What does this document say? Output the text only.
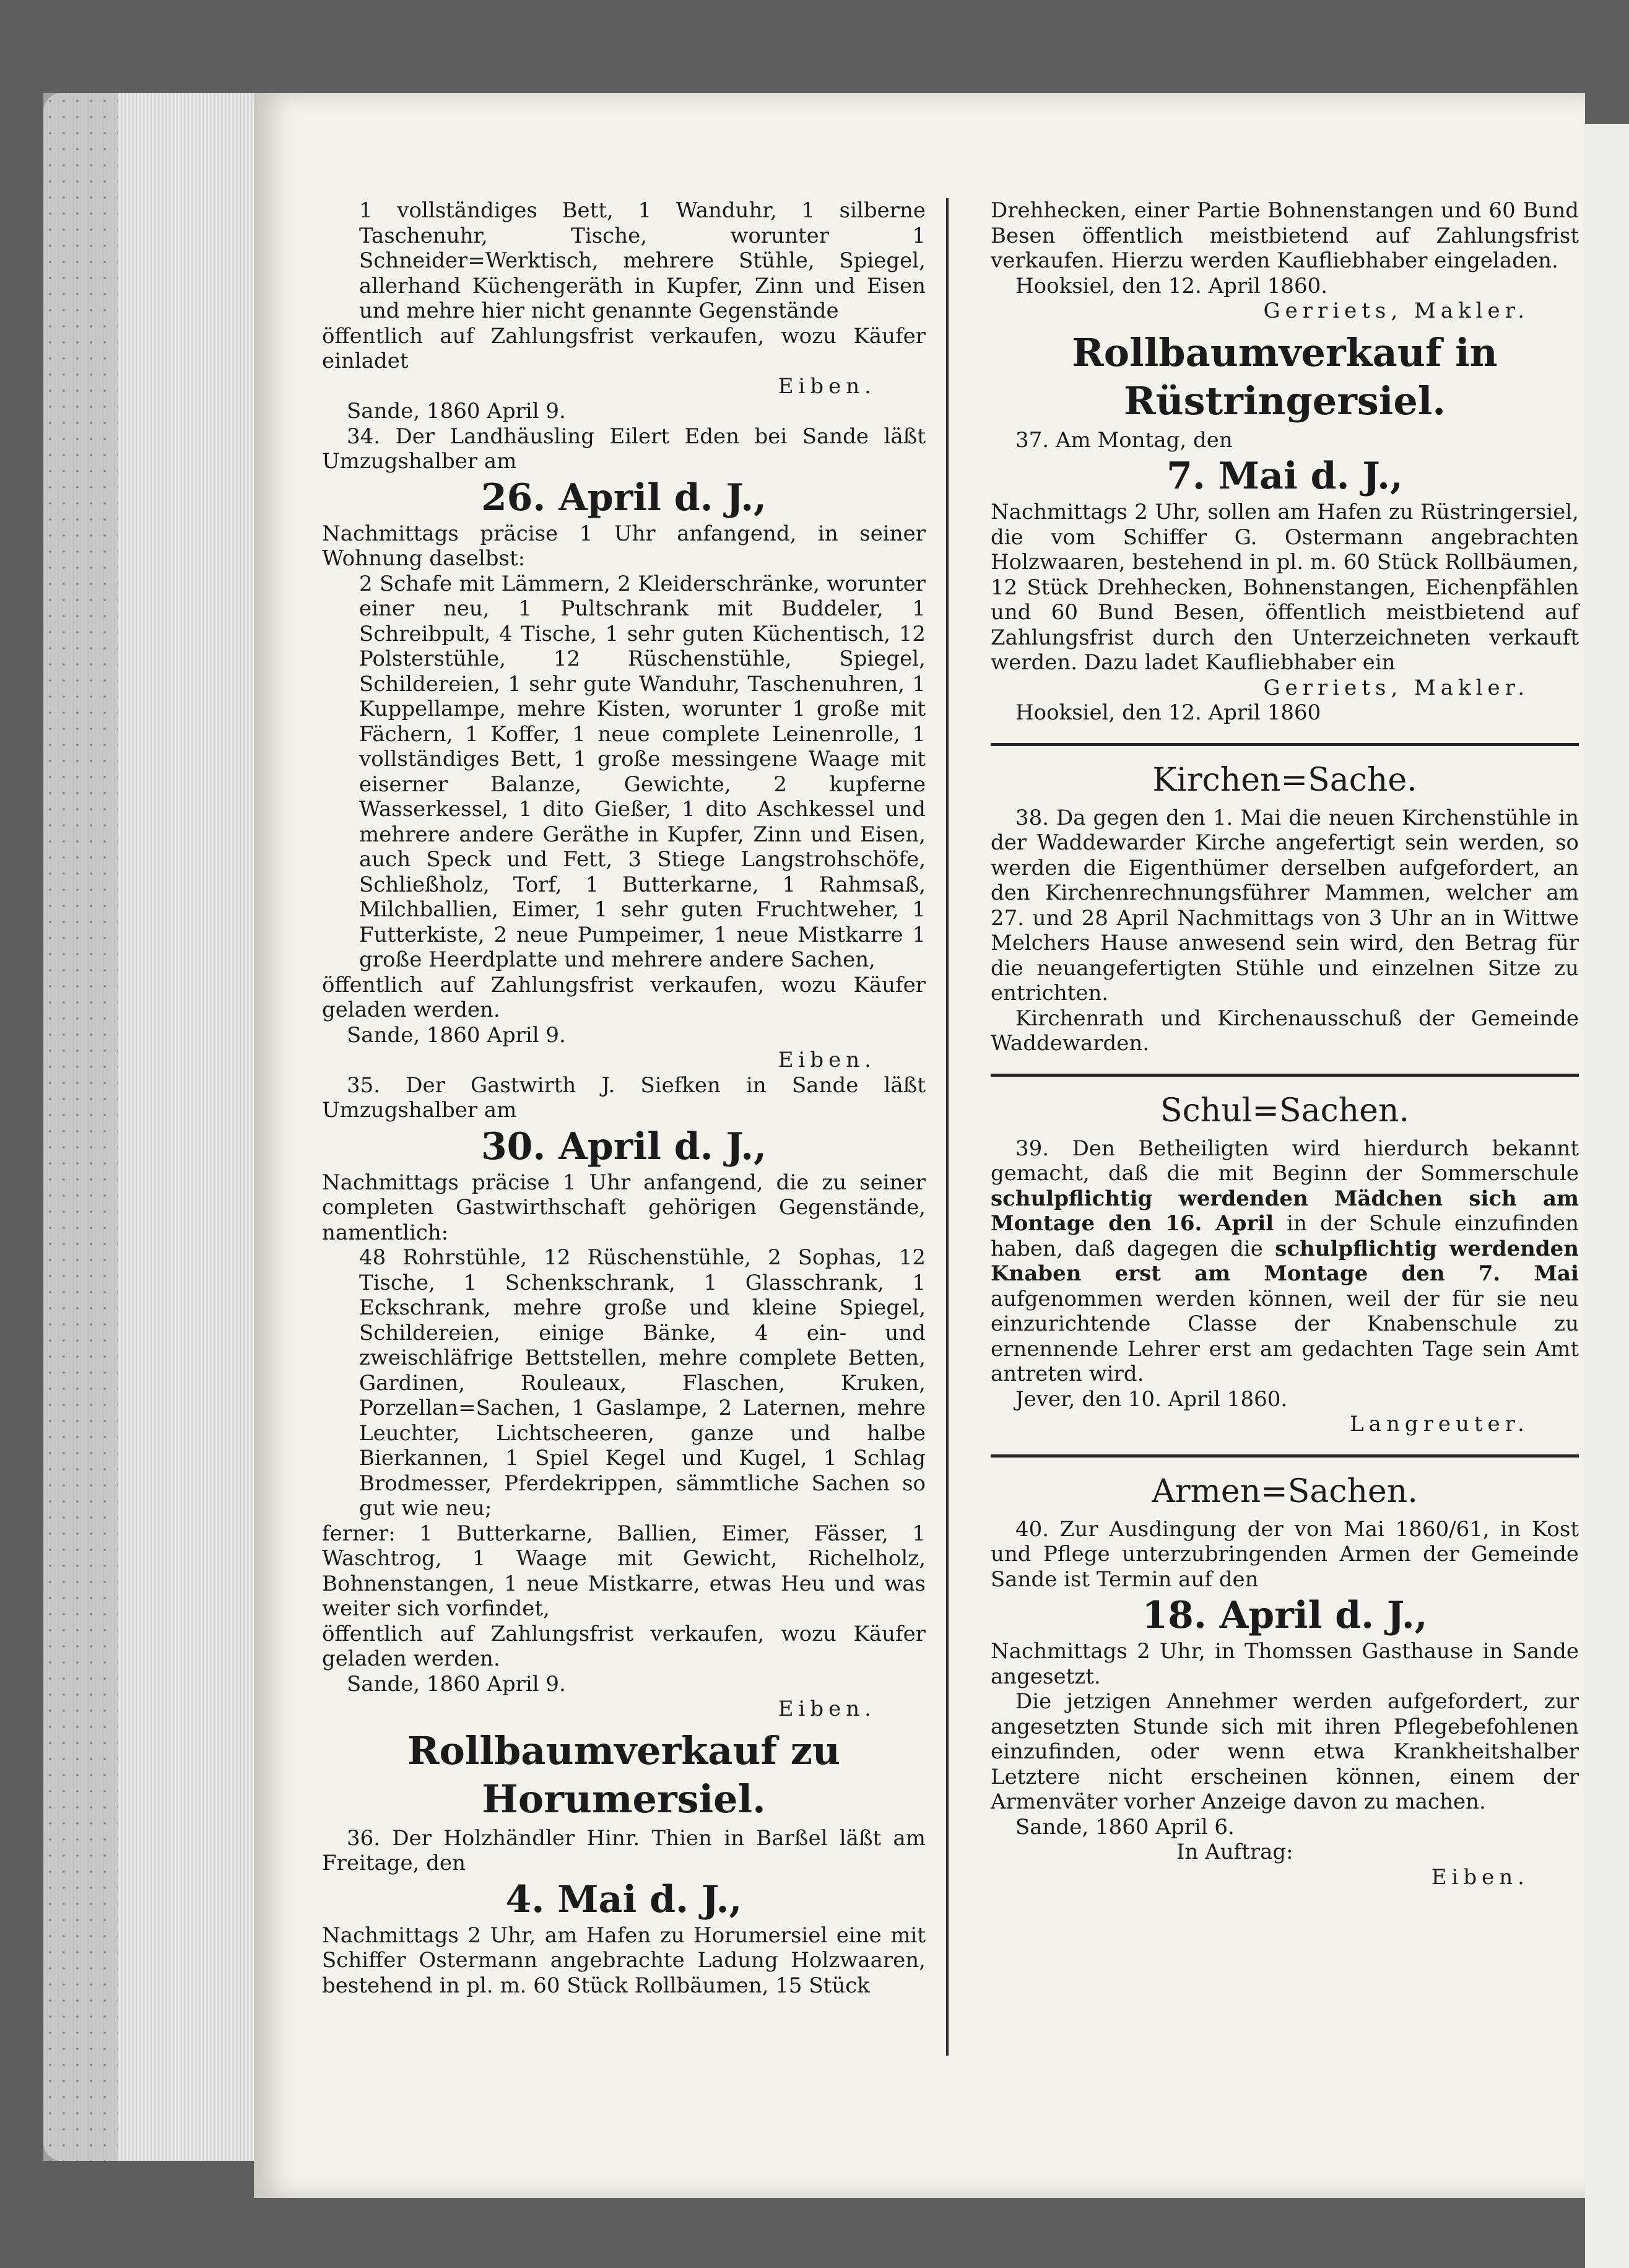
1 vollständiges Bett, 1 Wanduhr, 1 silberne Taschenuhr, Tische, worunter 1 Schneider=Werktisch, mehrere Stühle, Spiegel, allerhand Küchengeräth in Kupfer, Zinn und Eisen und mehre hier nicht genannte Gegenstände

öffentlich auf Zahlungsfrist verkaufen, wozu Käufer einladet

Eiben.

Sande, 1860 April 9.

34. Der Landhäusling Eilert Eden bei Sande läßt Umzugshalber am

26. April d. J.,

Nachmittags präcise 1 Uhr anfangend, in seiner Wohnung daselbst:

2 Schafe mit Lämmern, 2 Kleiderschränke, worunter einer neu, 1 Pultschrank mit Buddeler, 1 Schreibpult, 4 Tische, 1 sehr guten Küchentisch, 12 Polsterstühle, 12 Rüschenstühle, Spiegel, Schildereien, 1 sehr gute Wanduhr, Taschenuhren, 1 Kuppellampe, mehre Kisten, worunter 1 große mit Fächern, 1 Koffer, 1 neue complete Leinenrolle, 1 vollständiges Bett, 1 große messingene Waage mit eiserner Balanze, Gewichte, 2 kupferne Wasserkessel, 1 dito Gießer, 1 dito Aschkessel und mehrere andere Geräthe in Kupfer, Zinn und Eisen, auch Speck und Fett, 3 Stiege Langstrohschöfe, Schließholz, Torf, 1 Butterkarne, 1 Rahmsaß, Milchballien, Eimer, 1 sehr guten Fruchtweher, 1 Futterkiste, 2 neue Pumpeimer, 1 neue Mistkarre 1 große Heerdplatte und mehrere andere Sachen,

öffentlich auf Zahlungsfrist verkaufen, wozu Käufer geladen werden.

Sande, 1860 April 9.

Eiben.

35. Der Gastwirth J. Siefken in Sande läßt Umzugshalber am

30. April d. J.,

Nachmittags präcise 1 Uhr anfangend, die zu seiner completen Gastwirthschaft gehörigen Gegenstände, namentlich:

48 Rohrstühle, 12 Rüschenstühle, 2 Sophas, 12 Tische, 1 Schenkschrank, 1 Glasschrank, 1 Eckschrank, mehre große und kleine Spiegel, Schildereien, einige Bänke, 4 ein- und zweischläfrige Bettstellen, mehre complete Betten, Gardinen, Rouleaux, Flaschen, Kruken, Porzellan=Sachen, 1 Gaslampe, 2 Laternen, mehre Leuchter, Lichtscheeren, ganze und halbe Bierkannen, 1 Spiel Kegel und Kugel, 1 Schlag Brodmesser, Pferdekrippen, sämmtliche Sachen so gut wie neu;

ferner: 1 Butterkarne, Ballien, Eimer, Fässer, 1 Waschtrog, 1 Waage mit Gewicht, Richelholz, Bohnenstangen, 1 neue Mistkarre, etwas Heu und was weiter sich vorfindet,

öffentlich auf Zahlungsfrist verkaufen, wozu Käufer geladen werden.

Sande, 1860 April 9.

Eiben.

Rollbaumverkauf zu Horumersiel.

36. Der Holzhändler Hinr. Thien in Barßel läßt am Freitage, den

4. Mai d. J.,

Nachmittags 2 Uhr, am Hafen zu Horumersiel eine mit Schiffer Ostermann angebrachte Ladung Holzwaaren, bestehend in pl. m. 60 Stück Rollbäumen, 15 Stück

Drehhecken, einer Partie Bohnenstangen und 60 Bund Besen öffentlich meistbietend auf Zahlungsfrist verkaufen. Hierzu werden Kaufliebhaber eingeladen.

Hooksiel, den 12. April 1860.

Gerriets, Makler.

Rollbaumverkauf in

Rüstringersiel.

37. Am Montag, den

7. Mai d. J.,

Nachmittags 2 Uhr, sollen am Hafen zu Rüstringersiel, die vom Schiffer G. Ostermann angebrachten Holzwaaren, bestehend in pl. m. 60 Stück Rollbäumen, 12 Stück Drehhecken, Bohnenstangen, Eichenpfählen und 60 Bund Besen, öffentlich meistbietend auf Zahlungsfrist durch den Unterzeichneten verkauft werden. Dazu ladet Kaufliebhaber ein

Gerriets, Makler.

Hooksiel, den 12. April 1860

Kirchen=Sache.

38. Da gegen den 1. Mai die neuen Kirchenstühle in der Waddewarder Kirche angefertigt sein werden, so werden die Eigenthümer derselben aufgefordert, an den Kirchenrechnungsführer Mammen, welcher am 27. und 28 April Nachmittags von 3 Uhr an in Wittwe Melchers Hause anwesend sein wird, den Betrag für die neuangefertigten Stühle und einzelnen Sitze zu entrichten.

Kirchenrath und Kirchenausschuß der Gemeinde Waddewarden.

Schul=Sachen.

39. Den Betheiligten wird hierdurch bekannt gemacht, daß die mit Beginn der Sommerschule schulpflichtig werdenden Mädchen sich am Montage den 16. April in der Schule einzufinden haben, daß dagegen die schulpflichtig werdenden Knaben erst am Montage den 7. Mai aufgenommen werden können, weil der für sie neu einzurichtende Classe der Knabenschule zu ernennende Lehrer erst am gedachten Tage sein Amt antreten wird.

Jever, den 10. April 1860.

Langreuter.

Armen=Sachen.

40. Zur Ausdingung der von Mai 1860/61, in Kost und Pflege unterzubringenden Armen der Gemeinde Sande ist Termin auf den

18. April d. J.,

Nachmittags 2 Uhr, in Thomssen Gasthause in Sande angesetzt.

Die jetzigen Annehmer werden aufgefordert, zur angesetzten Stunde sich mit ihren Pflegebefohlenen einzufinden, oder wenn etwa Krankheitshalber Letztere nicht erscheinen können, einem der Armenväter vorher Anzeige davon zu machen.

Sande, 1860 April 6.

In Auftrag:

Eiben.
